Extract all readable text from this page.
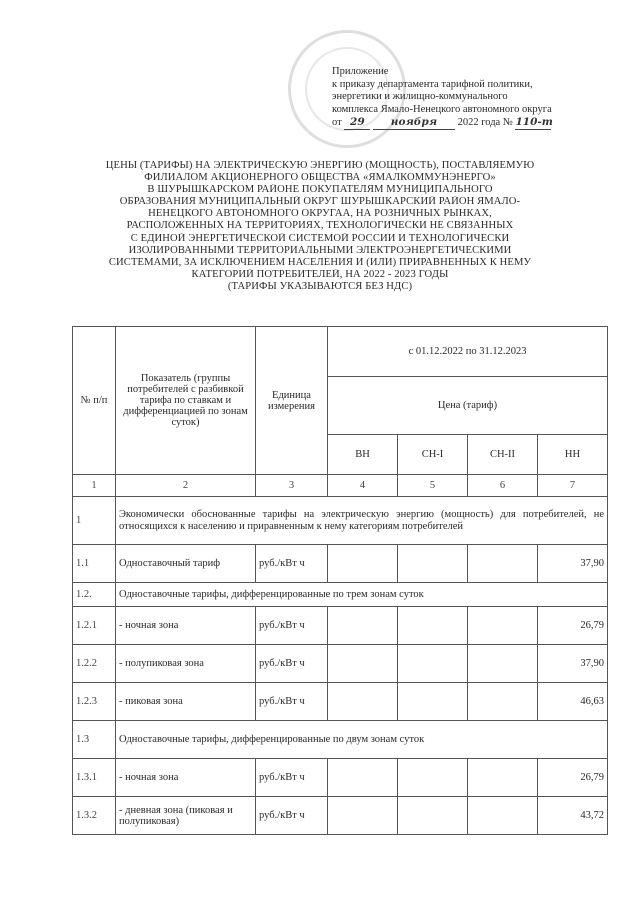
Приложение
к приказу департамента тарифной политики,
энергетики и жилищно-коммунального
комплекса Ямало-Ненецкого автономного округа
от 29 ноября 2022 года № 110-т
ЦЕНЫ (ТАРИФЫ) НА ЭЛЕКТРИЧЕСКУЮ ЭНЕРГИЮ (МОЩНОСТЬ), ПОСТАВЛЯЕМУЮ
ФИЛИАЛОМ АКЦИОНЕРНОГО ОБЩЕСТВА «ЯМАЛКОММУНЭНЕРГО»
В ШУРЫШКАРСКОМ РАЙОНЕ ПОКУПАТЕЛЯМ МУНИЦИПАЛЬНОГО
ОБРАЗОВАНИЯ МУНИЦИПАЛЬНЫЙ ОКРУГ ШУРЫШКАРСКИЙ РАЙОН ЯМАЛО-
НЕНЕЦКОГО АВТОНОМНОГО ОКРУГАА, НА РОЗНИЧНЫХ РЫНКАХ,
РАСПОЛОЖЕННЫХ НА ТЕРРИТОРИЯХ, ТЕХНОЛОГИЧЕСКИ НЕ СВЯЗАННЫХ
С ЕДИНОЙ ЭНЕРГЕТИЧЕСКОЙ СИСТЕМОЙ РОССИИ И ТЕХНОЛОГИЧЕСКИ
ИЗОЛИРОВАННЫМИ ТЕРРИТОРИАЛЬНЫМИ ЭЛЕКТРОЭНЕРГЕТИЧЕСКИМИ
СИСТЕМАМИ, ЗА ИСКЛЮЧЕНИЕМ НАСЕЛЕНИЯ И (ИЛИ) ПРИРАВНЕННЫХ К НЕМУ
КАТЕГОРИЙ ПОТРЕБИТЕЛЕЙ, НА 2022 - 2023 ГОДЫ
(ТАРИФЫ УКАЗЫВАЮТСЯ БЕЗ НДС)
№ п/п	Показатель (группы потребителей с разбивкой тарифа по ставкам и дифференциацией по зонам суток)	Единица измерения	с 01.12.2022 по 31.12.2023			
			Цена (тариф)			
			ВН	СН-I	СН-II	НН
1	2	3	4	5	6	7
1	Экономически обоснованные тарифы на электрическую энергию (мощность) для потребителей, не относящихся к населению и приравненным к нему категориям потребителей					
1.1	Одноставочный тариф	руб./кВт ч				37,90
1.2.	Одноставочные тарифы, дифференцированные по трем зонам суток					
1.2.1	- ночная зона	руб./кВт ч				26,79
1.2.2	- полупиковая зона	руб./кВт ч				37,90
1.2.3	- пиковая зона	руб./кВт ч				46,63
1.3	Одноставочные тарифы, дифференцированные по двум зонам суток					
1.3.1	- ночная зона	руб./кВт ч				26,79
1.3.2	- дневная зона (пиковая и полупиковая)	руб./кВт ч				43,72
